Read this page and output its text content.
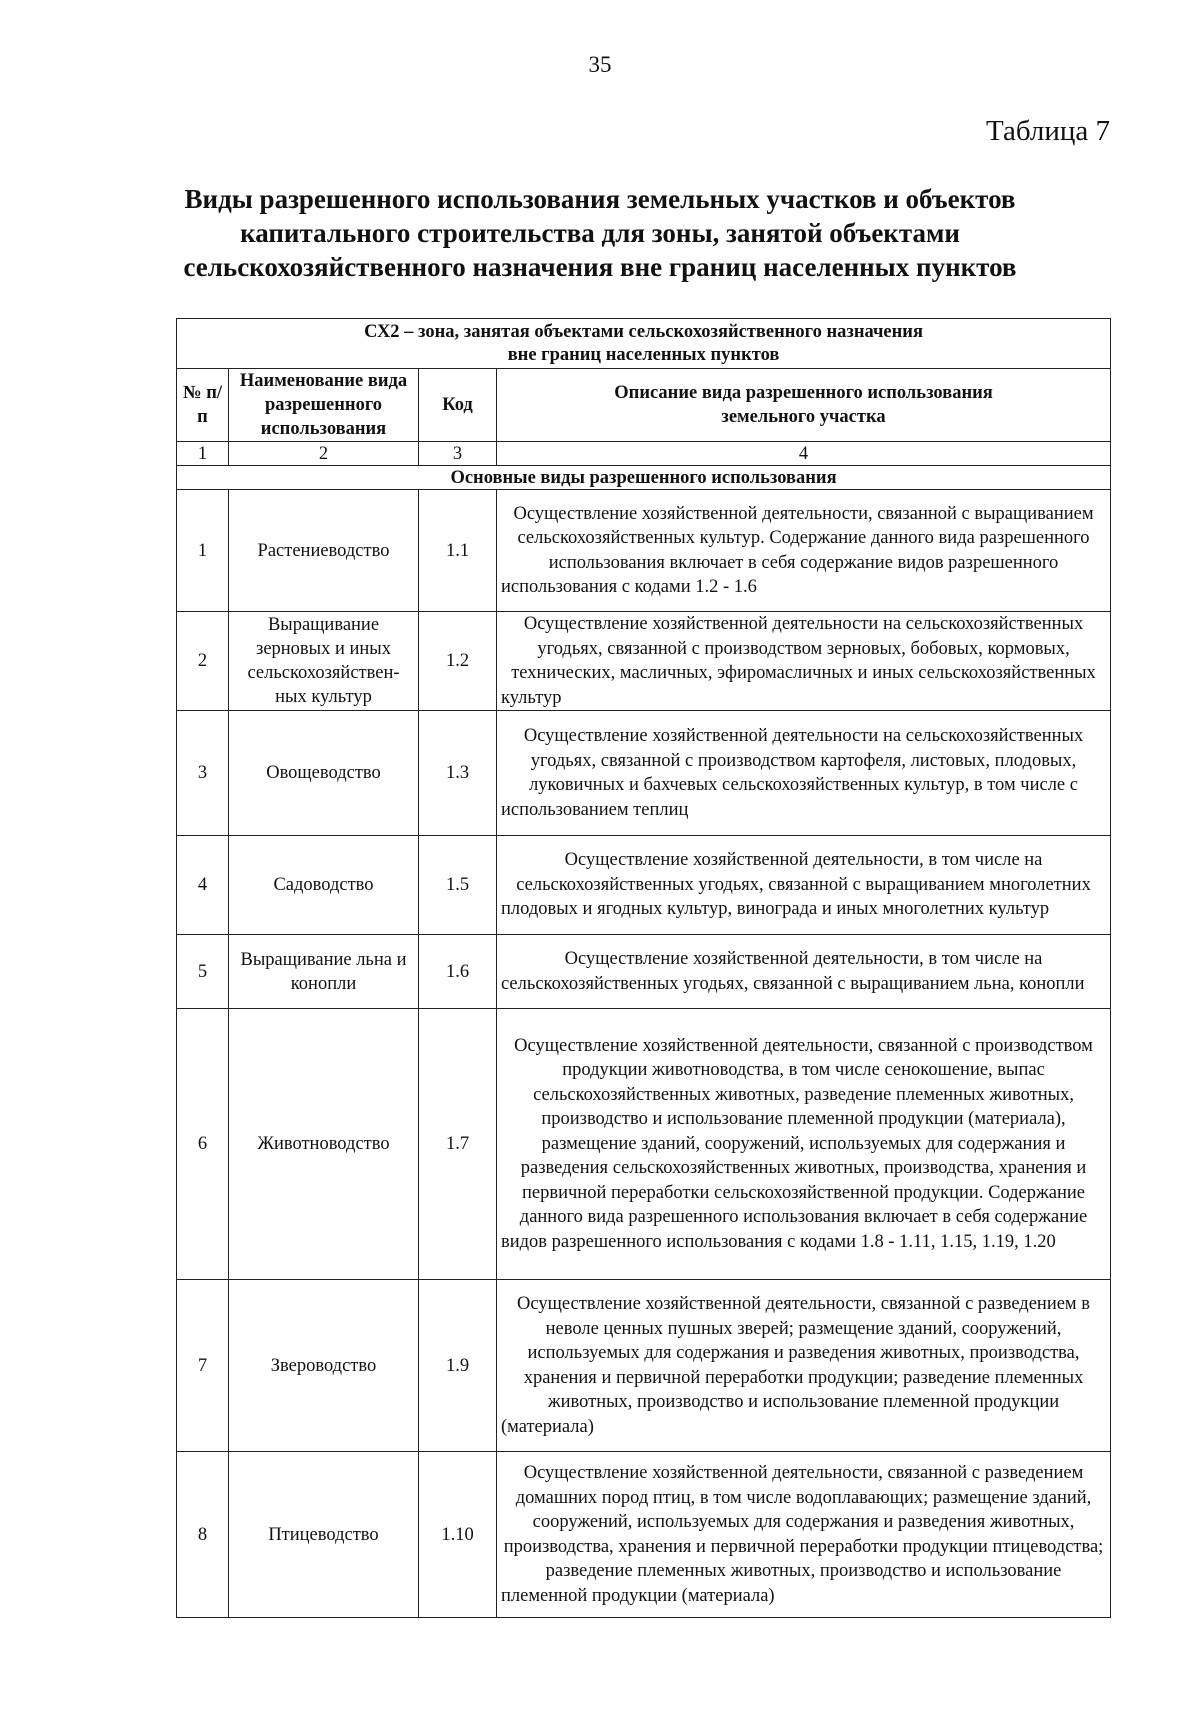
35
Таблица 7
Виды разрешенного использования земельных участков и объектов
капитального строительства для зоны, занятой объектами
сельскохозяйственного назначения вне границ населенных пунктов
СХ2 – зона, занятая объектами сельскохозяйственного назначения
вне границ населенных пунктов			

№ п/п	Наименование вида разрешенного использования	Код	Описание вида разрешенного использования земельного участка
1	2	3	4
Основные виды разрешенного использования			
1	Растениеводство	1.1	Осуществление хозяйственной деятельности, связанной с выращиванием сельскохозяйственных культур. Содержание данного вида разрешенного использования включает в себя содержание видов разрешенного использования с кодами 1.2 - 1.6
2	Выращивание зерновых и иных сельскохозяйствен-ных культур	1.2	Осуществление хозяйственной деятельности на сельскохозяйственных угодьях, связанной с производством зерновых, бобовых, кормовых, технических, масличных, эфиромасличных и иных сельскохозяйственных культур
3	Овощеводство	1.3	Осуществление хозяйственной деятельности на сельскохозяйственных угодьях, связанной с производством картофеля, листовых, плодовых, луковичных и бахчевых сельскохозяйственных культур, в том числе с использованием теплиц
4	Садоводство	1.5	Осуществление хозяйственной деятельности, в том числе на сельскохозяйственных угодьях, связанной с выращиванием многолетних плодовых и ягодных культур, винограда и иных многолетних культур
5	Выращивание льна и конопли	1.6	Осуществление хозяйственной деятельности, в том числе на сельскохозяйственных угодьях, связанной с выращиванием льна, конопли
6	Животноводство	1.7	Осуществление хозяйственной деятельности, связанной с производством продукции животноводства, в том числе сенокошение, выпас сельскохозяйственных животных, разведение племенных животных, производство и использование племенной продукции (материала), размещение зданий, сооружений, используемых для содержания и разведения сельскохозяйственных животных, производства, хранения и первичной переработки сельскохозяйственной продукции. Содержание данного вида разрешенного использования включает в себя содержание видов разрешенного использования с кодами 1.8 - 1.11, 1.15, 1.19, 1.20
7	Звероводство	1.9	Осуществление хозяйственной деятельности, связанной с разведением в неволе ценных пушных зверей; размещение зданий, сооружений, используемых для содержания и разведения животных, производства, хранения и первичной переработки продукции; разведение племенных животных, производство и использование племенной продукции (материала)
8	Птицеводство	1.10	Осуществление хозяйственной деятельности, связанной с разведением домашних пород птиц, в том числе водоплавающих; размещение зданий, сооружений, используемых для содержания и разведения животных, производства, хранения и первичной переработки продукции птицеводства; разведение племенных животных, производство и использование племенной продукции (материала)
